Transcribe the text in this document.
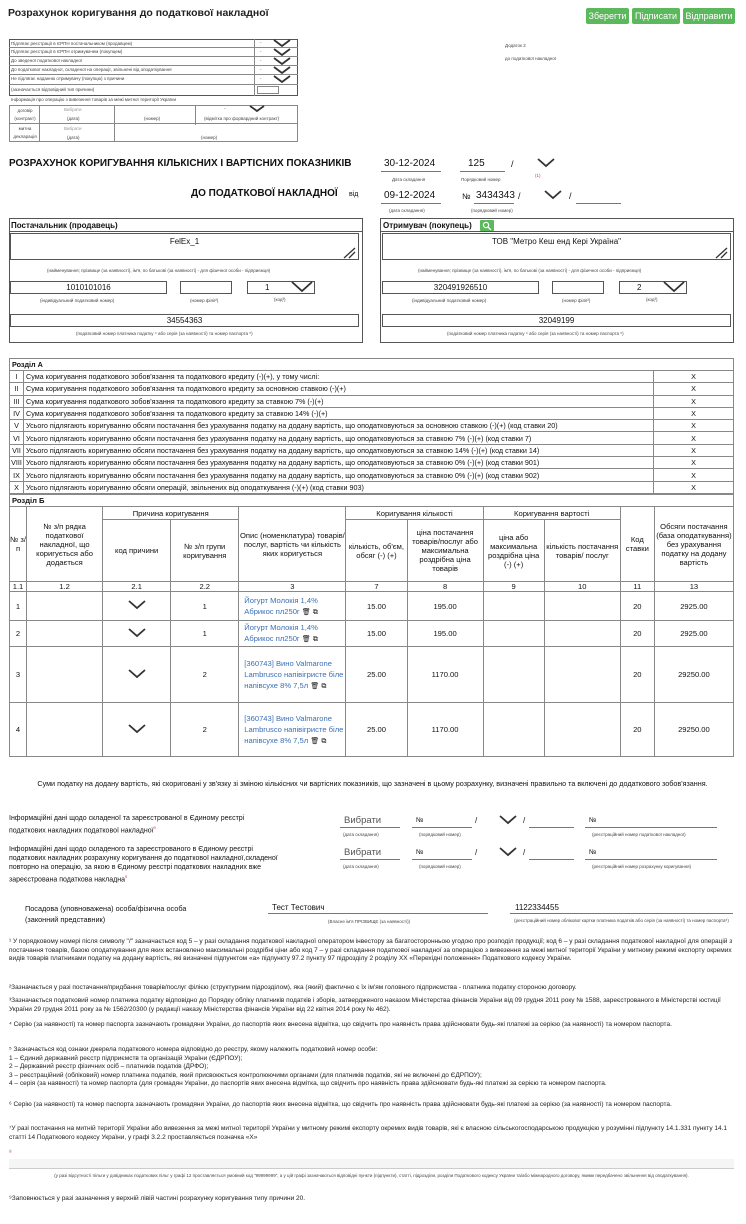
Розрахунок коригування до податкової накладної	Зберегти Підписати Відправити
Підлягає реєстрації в ЄРПН постачальником (продавцем)
Підлягає реєстрації в ЄРПН отримувачем (покупцем)
До зведеної податкової накладної
До податкової накладної, складеної на операції, звільнені від оподаткування
Не підлягає наданню отримувачу (покупцю) з причини
(зазначається відповідний тип причини)
Інформація про операцію з вивезення товарів за межі митної території України
-
-
-
-
-
договір (контракт)
Вибрати
(дата)	(номер)
-
(відмітка про форвардний контракт)
митна декларація
Вибрати
(дата)	(номер)
Додаток 2
до податкової накладної
РОЗРАХУНОК КОРИГУВАННЯ КІЛЬКІСНИХ І ВАРТІСНИХ ПОКАЗНИКІВ
ДО ПОДАТКОВОЇ НАКЛАДНОЇ від
30-12-2024
Дата складання
125	/
Порядковий номер
(1)
09-12-2024
(дата складання)
№ 3434343
(порядковий номер)
/	/
Постачальник (продавець)
FelEx_1
(найменування; прізвище (за наявності), ім'я, по батькові (за наявності) - для фізичної особи - підприємця)
1010101016
(індивідуальний податковий номер)	(номер філії²)
1
(код³)
34554363
(податковий номер платника податку ⁴ або серія (за наявності) та номер паспорта ⁵)
Отримувач (покупець)
ТОВ "Метро Кеш енд Кері Україна"
(найменування; прізвище (за наявності), ім'я, по батькові (за наявності) - для фізичної особи - підприємця)
320491926510
(індивідуальний податковий номер)	(номер філії²)
2
(код³)
32049199
(податковий номер платника податку ⁴ або серія (за наявності) та номер паспорта ⁵)
Розділ А		
I	Сума коригування податкового зобов'язання та податкового кредиту (-)(+), у тому числі:	X
II	Сума коригування податкового зобов'язання та податкового кредиту за основною ставкою (-)(+)	X
III	Сума коригування податкового зобов'язання та податкового кредиту за ставкою 7% (-)(+)	X
IV	Сума коригування податкового зобов'язання та податкового кредиту за ставкою 14% (-)(+)	X
V	Усього підлягають коригуванню обсяги постачання без урахування податку на додану вартість, що оподатковуються за основною ставкою (-)(+) (код ставки 20)	X
VI	Усього підлягають коригуванню обсяги постачання без урахування податку на додану вартість, що оподатковуються за ставкою 7% (-)(+) (код ставки 7)	X
VII	Усього підлягають коригуванню обсяги постачання без урахування податку на додану вартість, що оподатковуються за ставкою 14% (-)(+) (код ставки 14)	X
VIII	Усього підлягають коригуванню обсяги постачання без урахування податку на додану вартість, що оподатковуються за ставкою 0% (-)(+) (код ставки 901)	X
IX	Усього підлягають коригуванню обсяги постачання без урахування податку на додану вартість, що оподатковуються за ставкою 0% (-)(+) (код ставки 902)	X
X	Усього підлягають коригуванню обсяги операцій, звільнених від оподаткування (-)(+) (код ставки 903)	X
Розділ Б										
№ з/п	№ з/п рядка податкової накладної, що коригується або додається	Причина коригування		Опис (номенклатура) товарів/послуг, вартість чи кількість яких коригується	Коригування кількості		Коригування вартості		Код ставки	Обсяги постачання (база оподаткування) без урахування податку на додану вартість
		код причини	№ з/п групи коригування		кількість, об'єм, обсяг (-) (+)	ціна постачання товарів/послуг або максимальна роздрібна ціна товарів	ціна або максимальна роздрібна ціна (-) (+)	кількість постачання товарів/ послуг		
1.1	1.2	2.1	2.2	3	7	8	9	10	11	13
1			1	Йогурт Молокія 1,4% Абрикос пл250г 🗑 ⧉	15.00	195.00			20	2925.00
2			1	Йогурт Молокія 1,4% Абрикос пл250г 🗑 ⧉	15.00	195.00			20	2925.00
3			2	[360743] Вино Valmarone Lambrusco напівігристе біле напівсухе 8% 7,5л 🗑 ⧉	25.00	1170.00			20	29250.00
4			2	[360743] Вино Valmarone Lambrusco напівігристе біле напівсухе 8% 7,5л 🗑 ⧉	25.00	1170.00			20	29250.00
Суми податку на додану вартість, які скориговані у зв'язку зі зміною кількісних чи вартісних показників, що зазначені в цьому розрахунку, визначені правильно та включені до додаткового зобов'язання.
Інформаційні дані щодо складеної та зареєстрованої в Єдиному реєстрі податкових накладних податкової накладної$^9$
Вибрати
(дата складання)
№	/
(порядковий номер)
/	№
(реєстраційний номер податкової накладної)
Інформаційні дані щодо складеного та зареєстрованого в Єдиному реєстрі податкових накладних розрахунку коригування до податкової накладної,складеної повторно на операцію, за якою в Єдиному реєстрі податкових накладних вже зареєстрована податкова накладна$^9$
Вибрати
(дата складання)
№	/
(порядковий номер)
/	№
(реєстраційний номер розрахунку коригування)
Посадова (уповноважена) особа/фізична особа (законний представник)
Тест Тестович
(Власне ім'я ПРІЗВИЩЕ (за наявності))
1122334455
(реєстраційний номер облікової картки платника податків або серія (за наявності) та номер паспорта⁵)
¹ У порядковому номері після символу "/" зазначається код 5 – у разі складання податкової накладної оператором інвестору за багатосторонньою угодою про розподіл продукції; код 6 – у разі складання податкової накладної для операцій з постачання товарів, базою оподаткування для яких встановлено максимальні роздрібні ціни або код 7 – у разі складання податкової накладної за операцією з вивезення за межі митної території України у митному режимі експорту окремих видів товарів платниками податку на додану вартість, які визначені підпунктом «а» підпункту 97.2 пункту 97 підрозділу 2 розділу XX «Перехідні положення» Податкового кодексу України.
²Зазначається у разі постачання/придбання товарів/послуг філією (структурним підрозділом), яка (який) фактично є їх ім'ям головного підприємства - платника податку стороною договору.
³Зазначається податковий номер платника податку відповідно до Порядку обліку платників податків і зборів, затвердженого наказом Міністерства фінансів України від 09 грудня 2011 року № 1588, зареєстрованого в Міністерстві юстиції України 29 грудня 2011 року за № 1562/20300 (у редакції наказу Міністерства фінансів України від 22 квітня 2014 року № 462).
⁴ Серію (за наявності) та номер паспорта зазначають громадяни України, до паспортів яких внесена відмітка, що свідчить про наявність права здійснювати будь-які платежі за серією (за наявності) та номером паспорта.
⁵ Зазначається код ознаки джерела податкового номера відповідно до реєстру, якому належить податковий номер особи:
1 – Єдиний державний реєстр підприємств та організацій України (ЄДРПОУ);
2 – Державний реєстр фізичних осіб – платників податків (ДРФО);
3 – реєстраційний (обліковий) номер платника податків, який присвоюється контролюючими органами (для платників податків, які не включені до ЄДРПОУ);
4 – серія (за наявності) та номер паспорта (для громадян України, до паспортів яких внесена відмітка, що свідчить про наявність права здійснювати будь-які платежі за серією та номером паспорта.
⁶ Серію (за наявності) та номер паспорта зазначають громадяни України, до паспортів яких внесена відмітка, що свідчить про наявність права здійснювати будь-які платежі за серією (за наявності) та номером паспорта.
⁷У разі постачання на митній території України або вивезення за межі митної території України у митному режимі експорту окремих видів товарів, які є власною сільськогосподарською продукцією у розумінні підпункту 14.1.331 пункту 14.1 статті 14 Податкового кодексу України, у графі 3.2.2 проставляється позначка «Х»
⁸
(у разі відсутності пільги у довідниках податкових пільг у графі 12 проставляється умовний код "99999999", а у цій графі зазначаються відповідні пункти (підпункти), статті, підрозділи, розділи Податкового кодексу України та/або міжнародного договору, якими передбачено звільнення від оподаткування).
⁹Заповнюється у разі зазначення у верхній лівій частині розрахунку коригування типу причини 20.
